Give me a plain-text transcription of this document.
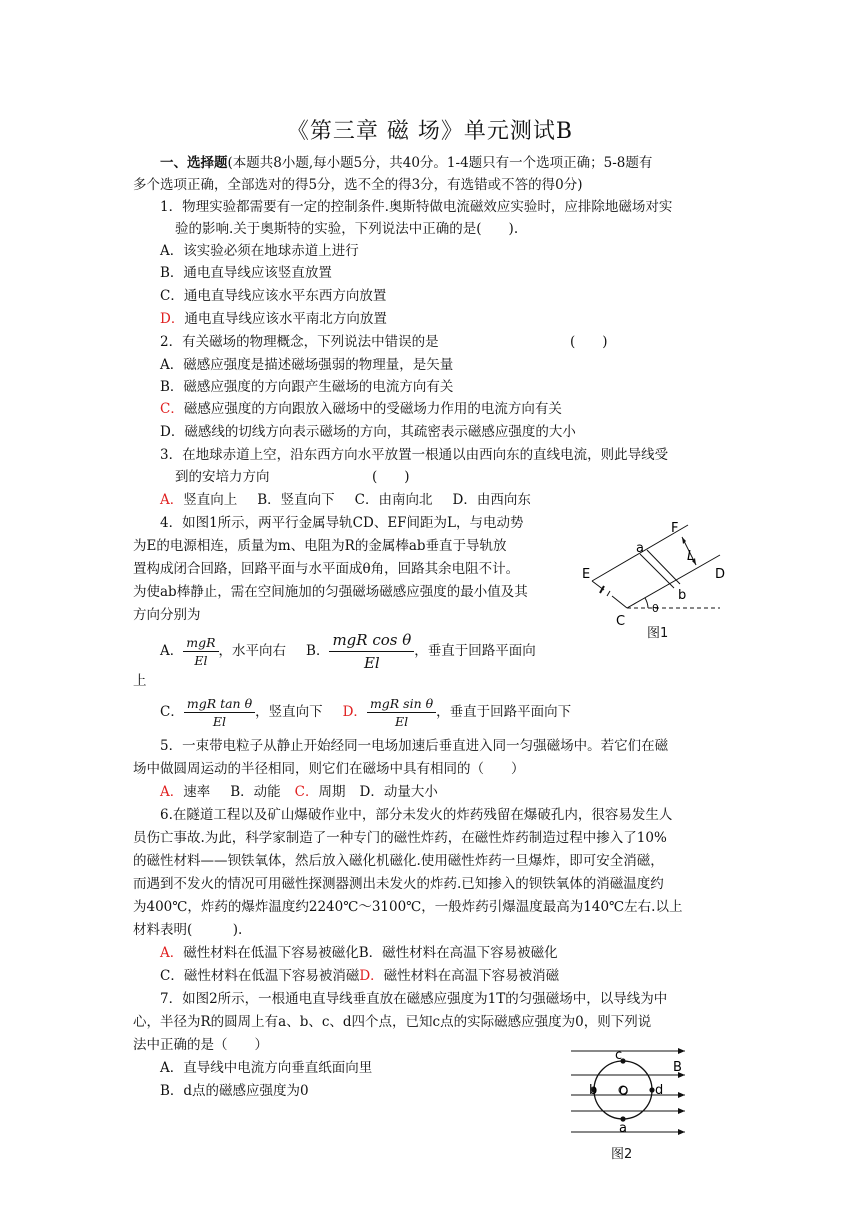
《第三章 磁 场》单元测试B
一、选择题(本题共8小题,每小题5分，共40分。1-4题只有一个选项正确；5-8题有
多个选项正确，全部选对的得5分，选不全的得3分，有选错或不答的得0分)
1．物理实验都需要有一定的控制条件.奥斯特做电流磁效应实验时，应排除地磁场对实
验的影响.关于奥斯特的实验，下列说法中正确的是(　　).
A．该实验必须在地球赤道上进行
B．通电直导线应该竖直放置
C．通电直导线应该水平东西方向放置
D．通电直导线应该水平南北方向放置
2．有关磁场的物理概念，下列说法中错误的是	(　　)
A．磁感应强度是描述磁场强弱的物理量，是矢量
B．磁感应强度的方向跟产生磁场的电流方向有关
C．磁感应强度的方向跟放入磁场中的受磁场力作用的电流方向有关
D．磁感线的切线方向表示磁场的方向，其疏密表示磁感应强度的大小
3．在地球赤道上空，沿东西方向水平放置一根通以由西向东的直线电流，则此导线受
到的安培力方向	(　　)
A．竖直向上 B．竖直向下 C．由南向北 D．由西向东
4．如图1所示，两平行金属导轨CD、EF间距为L，与电动势
为E的电源相连，质量为m、电阻为R的金属棒ab垂直于导轨放
置构成闭合回路，回路平面与水平面成θ角，回路其余电阻不计。
为使ab棒静止，需在空间施加的匀强磁场磁感应强度的最小值及其
方向分别为
A． $\frac{\text{mgR}}{El}$ ，水平向右 B． $\frac{\text{mgR cos θ}}{El}$ ，垂直于回路平面向
上
C． $\frac{\text{mgR tan θ}}{El}$ ，竖直向下 D． $\frac{\text{mgR sin θ}}{El}$ ，垂直于回路平面向下
F
a
L
E	D
b
θ
C
图1
5．一束带电粒子从静止开始经同一电场加速后垂直进入同一匀强磁场中。若它们在磁
场中做圆周运动的半径相同，则它们在磁场中具有相同的（　　）
A．速率 B．动能 C．周期 D．动量大小
6.在隧道工程以及矿山爆破作业中，部分未发火的炸药残留在爆破孔内，很容易发生人
员伤亡事故.为此，科学家制造了一种专门的磁性炸药，在磁性炸药制造过程中掺入了10%
的磁性材料——钡铁氧体，然后放入磁化机磁化.使用磁性炸药一旦爆炸，即可安全消磁，
而遇到不发火的情况可用磁性探测器测出未发火的炸药.已知掺入的钡铁氧体的消磁温度约
为400℃，炸药的爆炸温度约2240℃～3100℃，一般炸药引爆温度最高为140℃左右.以上
材料表明(　　　).
A．磁性材料在低温下容易被磁化B．磁性材料在高温下容易被磁化
C．磁性材料在低温下容易被消磁D．磁性材料在高温下容易被消磁
7．如图2所示，一根通电直导线垂直放在磁感应强度为1T的匀强磁场中，以导线为中
心，半径为R的圆周上有a、b、c、d四个点，已知c点的实际磁感应强度为0，则下列说
法中正确的是（　　）
A．直导线中电流方向垂直纸面向里
B．d点的磁感应强度为0
c
B
b O d
a
图2
